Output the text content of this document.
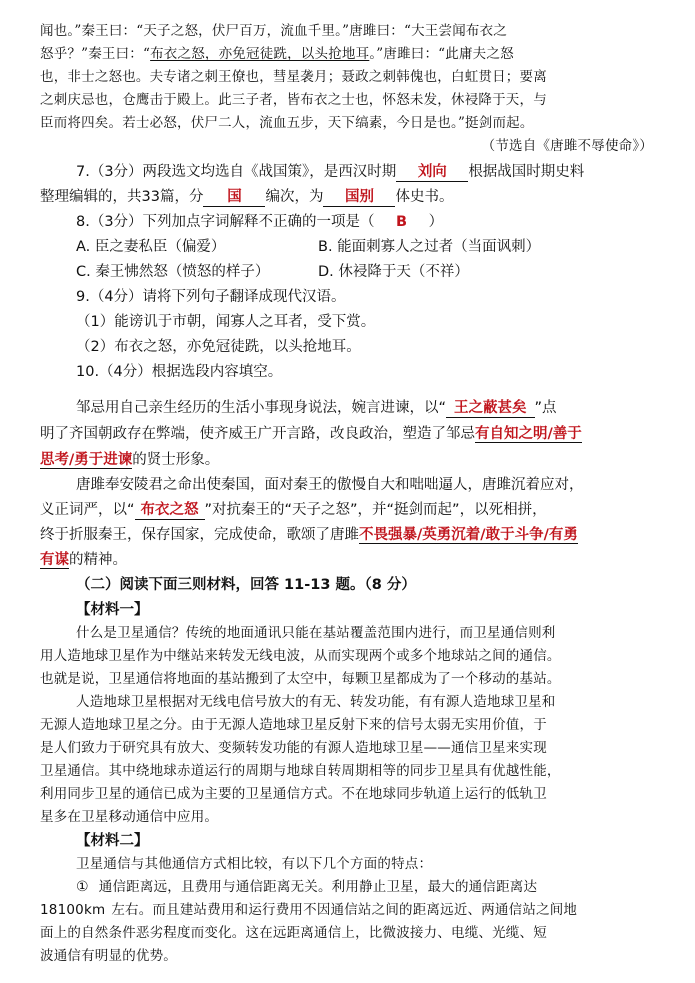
闻也。”秦王曰：“天子之怒，伏尸百万，流血千里。”唐雎曰：“大王尝闻布衣之
怒乎？”秦王曰：“布衣之怒，亦免冠徒跣，以头抢地耳。”唐雎曰：“此庸夫之怒
也，非士之怒也。夫专诸之刺王僚也，彗星袭月；聂政之刺韩傀也，白虹贯日；要离
之刺庆忌也，仓鹰击于殿上。此三子者，皆布衣之士也，怀怒未发，休祲降于天，与
臣而将四矣。若士必怒，伏尸二人，流血五步，天下缟素，今日是也。”挺剑而起。
（节选自《唐雎不辱使命》）
7.（3分）两段选文均选自《战国策》，是西汉时期 刘向 根据战国时期史料
整理编辑的，共33篇，分 国 编次，为 国别 体史书。
8.（3分）下列加点字词解释不正确的一项是（ B ）
A. 臣之妻私臣（偏爱）	B. 能面刺寡人之过者（当面讽刺）
C. 秦王怫然怒（愤怒的样子）	D. 休祲降于天（不祥）
9.（4分）请将下列句子翻译成现代汉语。
（1）能谤讥于市朝，闻寡人之耳者，受下赏。
（2）布衣之怒，亦免冠徒跣，以头抢地耳。
10.（4分）根据选段内容填空。
邹忌用自己亲生经历的生活小事现身说法，婉言进谏，以“ 王之蔽甚矣 ”点
明了齐国朝政存在弊端，使齐威王广开言路，改良政治，塑造了邹忌有自知之明/善于
思考/勇于进谏的贤士形象。
唐雎奉安陵君之命出使秦国，面对秦王的傲慢自大和咄咄逼人，唐雎沉着应对，
义正词严，以“ 布衣之怒 ”对抗秦王的“天子之怒”，并“挺剑而起”，以死相拼，
终于折服秦王，保存国家，完成使命，歌颂了唐雎不畏强暴/英勇沉着/敢于斗争/有勇
有谋的精神。
（二）阅读下面三则材料，回答 11-13 题。（8 分）
【材料一】
什么是卫星通信？传统的地面通讯只能在基站覆盖范围内进行，而卫星通信则利
用人造地球卫星作为中继站来转发无线电波，从而实现两个或多个地球站之间的通信。
也就是说，卫星通信将地面的基站搬到了太空中，每颗卫星都成为了一个移动的基站。
人造地球卫星根据对无线电信号放大的有无、转发功能，有有源人造地球卫星和
无源人造地球卫星之分。由于无源人造地球卫星反射下来的信号太弱无实用价值，于
是人们致力于研究具有放大、变频转发功能的有源人造地球卫星——通信卫星来实现
卫星通信。其中绕地球赤道运行的周期与地球自转周期相等的同步卫星具有优越性能，
利用同步卫星的通信已成为主要的卫星通信方式。不在地球同步轨道上运行的低轨卫
星多在卫星移动通信中应用。
【材料二】
卫星通信与其他通信方式相比较，有以下几个方面的特点：
① 通信距离远，且费用与通信距离无关。利用静止卫星，最大的通信距离达
18100km 左右。而且建站费用和运行费用不因通信站之间的距离远近、两通信站之间地
面上的自然条件恶劣程度而变化。这在远距离通信上，比微波接力、电缆、光缆、短
波通信有明显的优势。
